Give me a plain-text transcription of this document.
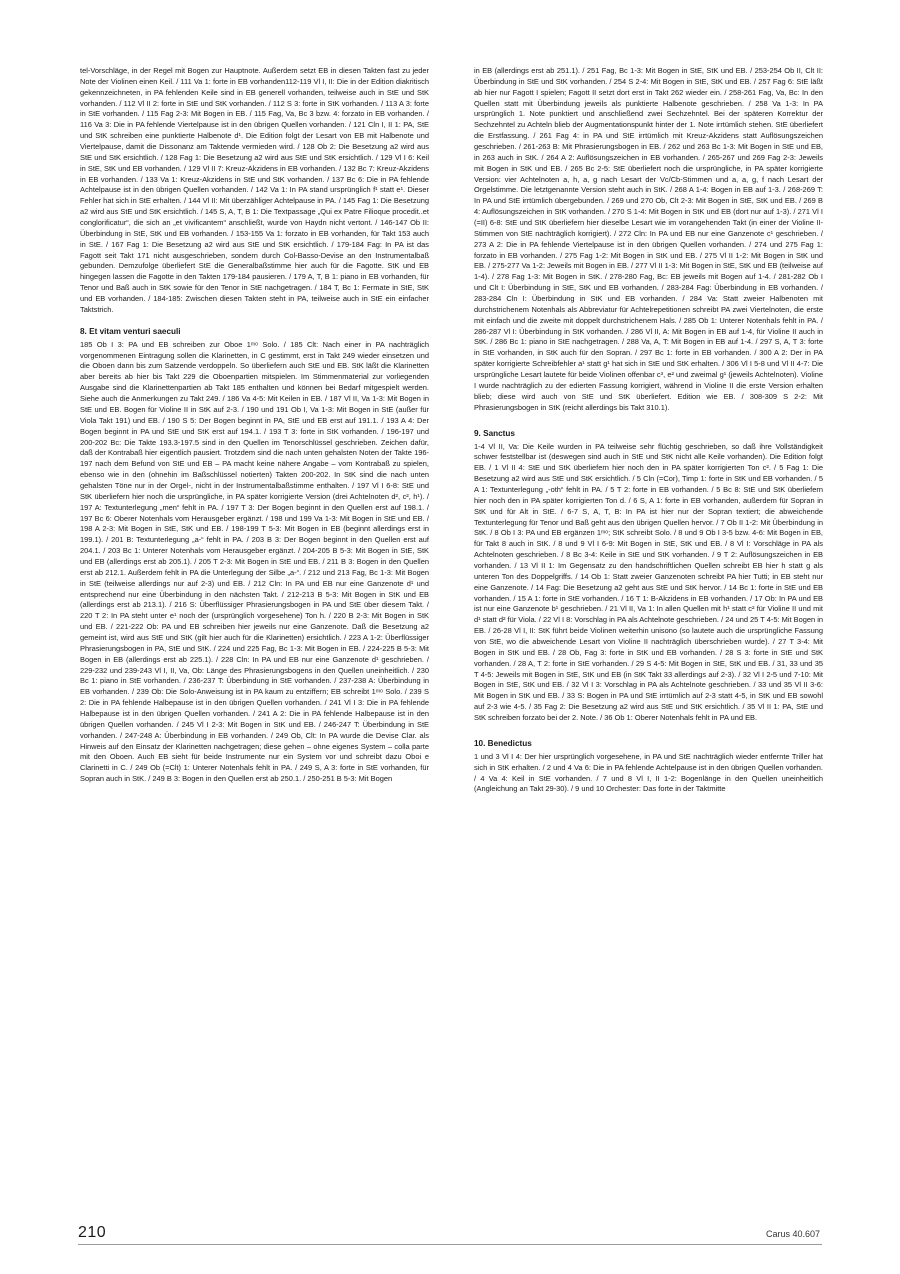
tel-Vorschläge, in der Regel mit Bogen zur Hauptnote. Außerdem setzt EB in diesen Takten fast zu jeder Note der Violinen einen Keil. / 111 Va 1: forte in EB vorhanden112-119 Vl I, II: Die in der Edition diakritisch gekennzeichneten, in PA fehlenden Keile sind in EB generell vorhanden, teilweise auch in StE und StK vorhanden. / 112 Vl II 2: forte in StE und StK vorhanden. / 112 S 3: forte in StK vorhanden. / 113 A 3: forte in StE vorhanden. / 115 Fag 2-3: Mit Bogen in EB. / 115 Fag, Va, Bc 3 bzw. 4: forzato in EB vorhanden. / 116 Va 3: Die in PA fehlende Viertelpause ist in den übrigen Quellen vorhanden. / 121 Cln I, II 1: PA, StE und StK schreiben eine punktierte Halbenote d¹. Die Edition folgt der Lesart von EB mit Halbenote und Viertelpause, damit die Dissonanz am Taktende vermieden wird. / 128 Ob 2: Die Besetzung a2 wird aus StE und StK ersichtlich. / 128 Fag 1: Die Besetzung a2 wird aus StE und StK ersichtlich. / 129 Vl I 6: Keil in StE, StK und EB vorhanden. / 129 Vl II 7: Kreuz-Akzidens in EB vorhanden. / 132 Bc 7: Kreuz-Akzidens in EB vorhanden. / 133 Va 1: Kreuz-Akzidens in StE und StK vorhanden. / 137 Bc 6: Die in PA fehlende Achtelpause ist in den übrigen Quellen vorhanden. / 142 Va 1: In PA stand ursprünglich f¹ statt e¹. Dieser Fehler hat sich in StE erhalten. / 144 Vl II: Mit überzähliger Achtelpause in PA. / 145 Fag 1: Die Besetzung a2 wird aus StE und StK ersichtlich. / 145 S, A, T, B 1: Die Textpassage „Qui ex Patre Filioque procedit..et conglorificatur“, die sich an „et vivificantem“ anschließt, wurde von Haydn nicht vertont. / 146-147 Ob II: Überbindung in StE, StK und EB vorhanden. / 153-155 Va 1: forzato in EB vorhanden, für Takt 153 auch in StE. / 167 Fag 1: Die Besetzung a2 wird aus StE und StK ersichtlich. / 179-184 Fag: In PA ist das Fagott seit Takt 171 nicht ausgeschrieben, sondern durch Col-Basso-Devise an den Instrumentalbaß gebunden. Demzufolge überliefert StE die Generalbaßstimme hier auch für die Fagotte. StK und EB hingegen lassen die Fagotte in den Takten 179-184 pausieren. / 179 A, T, B 1: piano in EB vorhanden, für Tenor und Baß auch in StK sowie für den Tenor in StE nachgetragen. / 184 T, Bc 1: Fermate in StE, StK und EB vorhanden. / 184-185: Zwischen diesen Takten steht in PA, teilweise auch in StE ein einfacher Taktstrich.

8. Et vitam venturi saeculi

185 Ob I 3: PA und EB schreiben zur Oboe 1ᵐᵒ Solo. / 185 Clt: Nach einer in PA nachträglich vorgenommenen Eintragung sollen die Klarinetten, in C gestimmt, erst in Takt 249 wieder einsetzen und die Oboen dann bis zum Satzende verdoppeln. So überliefern auch StE und EB. StK läßt die Klarinetten aber bereits ab hier bis Takt 229 die Oboenpartien mitspielen. Im Stimmenmaterial zur vorliegenden Ausgabe sind die Klarinettenpartien ab Takt 185 enthalten und können bei Bedarf mitgespielt werden. Siehe auch die Anmerkungen zu Takt 249. / 186 Va 4-5: Mit Keilen in EB. / 187 Vl II, Va 1-3: Mit Bogen in StE und EB. Bogen für Violine II in StK auf 2-3. / 190 und 191 Ob I, Va 1-3: Mit Bogen in StE (außer für Viola Takt 191) und EB. / 190 S 5: Der Bogen beginnt in PA, StE und EB erst auf 191.1. / 193 A 4: Der Bogen beginnt in PA und StE und StK erst auf 194.1. / 193 T 3: forte in StK vorhanden. / 196-197 und 200-202 Bc: Die Takte 193.3-197.5 sind in den Quellen im Tenorschlüssel geschrieben. Zeichen dafür, daß der Kontrabaß hier eigentlich pausiert. Trotzdem sind die nach unten gehalsten Noten der Takte 196-197 nach dem Befund von StE und EB – PA macht keine nähere Angabe – vom Kontrabaß zu spielen, ebenso wie in den (ohnehin im Baßschlüssel notierten) Takten 200-202. In StK sind die nach unten gehalsten Töne nur in der Orgel-, nicht in der Instrumentalbaßstimme enthalten. / 197 Vl I 6-8: StE und StK überliefern hier noch die ursprüngliche, in PA später korrigierte Version (drei Achtelnoten d², c², h¹). / 197 A: Textunterlegung „men“ fehlt in PA. / 197 T 3: Der Bogen beginnt in den Quellen erst auf 198.1. / 197 Bc 6: Oberer Notenhals vom Herausgeber ergänzt. / 198 und 199 Va 1-3: Mit Bogen in StE und EB. / 198 A 2-3: Mit Bogen in StE, StK und EB. / 198-199 T 5-3: Mit Bogen in EB (beginnt allerdings erst in 199.1). / 201 B: Textunterlegung „a-“ fehlt in PA. / 203 B 3: Der Bogen beginnt in den Quellen erst auf 204.1. / 203 Bc 1: Unterer Notenhals vom Herausgeber ergänzt. / 204-205 B 5-3: Mit Bogen in StE, StK und EB (allerdings erst ab 205.1). / 205 T 2-3: Mit Bogen in StE und EB. / 211 B 3: Bogen in den Quellen erst ab 212.1. Außerdem fehlt in PA die Unterlegung der Silbe „a-“. / 212 und 213 Fag, Bc 1-3: Mit Bogen in StE (teilweise allerdings nur auf 2-3) und EB. / 212 Cln: In PA und EB nur eine Ganzenote d¹ und entsprechend nur eine Überbindung in den nächsten Takt. / 212-213 B 5-3: Mit Bogen in StK und EB (allerdings erst ab 213.1). / 216 S: Überflüssiger Phrasierungsbogen in PA und StE über diesem Takt. / 220 T 2: In PA steht unter e¹ noch der (ursprünglich vorgesehene) Ton h. / 220 B 2-3: Mit Bogen in StK und EB. / 221-222 Ob: PA und EB schreiben hier jeweils nur eine Ganzenote. Daß die Besetzung a2 gemeint ist, wird aus StE und StK (gilt hier auch für die Klarinetten) ersichtlich. / 223 A 1-2: Überflüssiger Phrasierungsbogen in PA, StE und StK. / 224 und 225 Fag, Bc 1-3: Mit Bogen in EB. / 224-225 B 5-3: Mit Bogen in EB (allerdings erst ab 225.1). / 228 Cln: In PA und EB nur eine Ganzenote d¹ geschrieben. / 229-232 und 239-243 Vl I, II, Va, Ob: Länge des Phrasierungsbogens in den Quellen uneinheitlich. / 230 Bc 1: piano in StE vorhanden. / 236-237 T: Überbindung in StE vorhanden. / 237-238 A: Überbindung in EB vorhanden. / 239 Ob: Die Solo-Anweisung ist in PA kaum zu entziffern; EB schreibt 1ᵐᵒ Solo. / 239 S 2: Die in PA fehlende Halbepause ist in den übrigen Quellen vorhanden. / 241 Vl I 3: Die in PA fehlende Halbepause ist in den übrigen Quellen vorhanden. / 241 A 2: Die in PA fehlende Halbepause ist in den übrigen Quellen vorhanden. / 245 Vl I 2-3: Mit Bogen in StK und EB. / 246-247 T: Überbindung in StE vorhanden. / 247-248 A: Überbindung in EB vorhanden. / 249 Ob, Clt: In PA wurde die Devise Clar. als Hinweis auf den Einsatz der Klarinetten nachgetragen; diese gehen – ohne eigenes System – colla parte mit den Oboen. Auch EB sieht für beide Instrumente nur ein System vor und schreibt dazu Oboi e Clarinetti in C. / 249 Ob (=Clt) 1: Unterer Notenhals fehlt in PA. / 249 S, A 3: forte in StE vorhanden, für Sopran auch in StK. / 249 B 3: Bogen in den Quellen erst ab 250.1. / 250-251 B 5-3: Mit Bogen

in EB (allerdings erst ab 251.1). / 251 Fag, Bc 1-3: Mit Bogen in StE, StK und EB. / 253-254 Ob II, Clt II: Überbindung in StE und StK vorhanden. / 254 S 2-4: Mit Bogen in StE, StK und EB. / 257 Fag 6: StE läßt ab hier nur Fagott I spielen; Fagott II setzt dort erst in Takt 262 wieder ein. / 258-261 Fag, Va, Bc: In den Quellen statt mit Überbindung jeweils als punktierte Halbenote geschrieben. / 258 Va 1-3: In PA ursprünglich 1. Note punktiert und anschließend zwei Sechzehntel. Bei der späteren Korrektur der Sechzehntel zu Achteln blieb der Augmentationspunkt hinter der 1. Note irrtümlich stehen. StE überliefert die Erstfassung. / 261 Fag 4: in PA und StE irrtümlich mit Kreuz-Akzidens statt Auflösungszeichen geschrieben. / 261-263 B: Mit Phrasierungsbogen in EB. / 262 und 263 Bc 1-3: Mit Bogen in StE und EB, in 263 auch in StK. / 264 A 2: Auflösungszeichen in EB vorhanden. / 265-267 und 269 Fag 2-3: Jeweils mit Bogen in StK und EB. / 265 Bc 2-5: StE überliefert noch die ursprüngliche, in PA später korrigierte Version: vier Achtelnoten a, h, a, g nach Lesart der Vc/Cb-Stimmen und a, a, g, f nach Lesart der Orgelstimme. Die letztgenannte Version steht auch in StK. / 268 A 1-4: Bogen in EB auf 1-3. / 268-269 T: In PA und StE irrtümlich übergebunden. / 269 und 270 Ob, Clt 2-3: Mit Bogen in StE, StK und EB. / 269 B 4: Auflösungszeichen in StK vorhanden. / 270 S 1-4: Mit Bogen in StK und EB (dort nur auf 1-3). / 271 Vl I (=II) 6-8: StE und StK überliefern hier dieselbe Lesart wie im vorangehenden Takt (in einer der Violine II-Stimmen von StE nachträglich korrigiert). / 272 Cln: In PA und EB nur eine Ganzenote c¹ geschrieben. / 273 A 2: Die in PA fehlende Viertelpause ist in den übrigen Quellen vorhanden. / 274 und 275 Fag 1: forzato in EB vorhanden. / 275 Fag 1-2: Mit Bogen in StK und EB. / 275 Vl II 1-2: Mit Bogen in StK und EB. / 275-277 Va 1-2: Jeweils mit Bogen in EB. / 277 Vl II 1-3: Mit Bogen in StE, StK und EB (teilweise auf 1-4). / 278 Fag 1-3: Mit Bogen in StK. / 278-280 Fag, Bc: EB jeweils mit Bogen auf 1-4. / 281-282 Ob I und Clt I: Überbindung in StE, StK und EB vorhanden. / 283-284 Fag: Überbindung in EB vorhanden. / 283-284 Cln I: Überbindung in StK und EB vorhanden. / 284 Va: Statt zweier Halbenoten mit durchstrichenem Notenhals als Abbreviatur für Achtelrepetitionen schreibt PA zwei Viertelnoten, die erste mit einfach und die zweite mit doppelt durchstrichenem Hals. / 285 Ob 1: Unterer Notenhals fehlt in PA. / 286-287 Vl I: Überbindung in StK vorhanden. / 286 Vl II, A: Mit Bogen in EB auf 1-4, für Violine II auch in StK. / 286 Bc 1: piano in StE nachgetragen. / 288 Va, A, T: Mit Bogen in EB auf 1-4. / 297 S, A, T 3: forte in StE vorhanden, in StK auch für den Sopran. / 297 Bc 1: forte in EB vorhanden. / 300 A 2: Der in PA später korrigierte Schreibfehler a¹ statt g¹ hat sich in StE und StK erhalten. / 306 Vl I 5-8 und Vl II 4-7: Die ursprüngliche Lesart lautete für beide Violinen offenbar c³, e² und zweimal g¹ (jeweils Achtelnoten). Violine I wurde nachträglich zu der edierten Fassung korrigiert, während in Violine II die erste Version erhalten blieb; diese wird auch von StE und StK überliefert. Edition wie EB. / 308-309 S 2-2: Mit Phrasierungsbogen in StK (reicht allerdings bis Takt 310.1).

9. Sanctus

1-4 Vl II, Va: Die Keile wurden in PA teilweise sehr flüchtig geschrieben, so daß ihre Vollständigkeit schwer feststellbar ist (deswegen sind auch in StE und StK nicht alle Keile vorhanden). Die Edition folgt EB. / 1 Vl II 4: StE und StK überliefern hier noch den in PA später korrigierten Ton c². / 5 Fag 1: Die Besetzung a2 wird aus StE und StK ersichtlich. / 5 Cln (=Cor), Timp 1: forte in StK und EB vorhanden. / 5 A 1: Textunterlegung „-oth“ fehlt in PA. / 5 T 2: forte in EB vorhanden. / 5 Bc 8: StE und StK überliefern hier noch den in PA später korrigierten Ton d. / 6 S, A 1: forte in EB vorhanden, außerdem für Sopran in StK und für Alt in StE. / 6-7 S, A, T, B: In PA ist hier nur der Sopran textiert; die abweichende Textunterlegung für Tenor und Baß geht aus den übrigen Quellen hervor. / 7 Ob II 1-2: Mit Überbindung in StK. / 8 Ob I 3: PA und EB ergänzen 1ᵐᵒ; StK schreibt Solo. / 8 und 9 Ob I 3-5 bzw. 4-6: Mit Bogen in EB, für Takt 8 auch in StK. / 8 und 9 Vl I 6-9: Mit Bogen in StE, StK und EB. / 8 Vl I: Vorschläge in PA als Achtelnoten geschrieben. / 8 Bc 3-4: Keile in StE und StK vorhanden. / 9 T 2: Auflösungszeichen in EB vorhanden. / 13 Vl II 1: Im Gegensatz zu den handschriftlichen Quellen schreibt EB hier h statt g als unteren Ton des Doppelgriffs. / 14 Ob 1: Statt zweier Ganzenoten schreibt PA hier Tutti; in EB steht nur eine Ganzenote. / 14 Fag: Die Besetzung a2 geht aus StE und StK hervor. / 14 Bc 1: forte in StE und EB vorhanden. / 15 A 1: forte in StE vorhanden. / 16 T 1: B-Akzidens in EB vorhanden. / 17 Ob: In PA und EB ist nur eine Ganzenote b¹ geschrieben. / 21 Vl II, Va 1: In allen Quellen mit h¹ statt c² für Violine II und mit d¹ statt d² für Viola. / 22 Vl I 8: Vorschlag in PA als Achtelnote geschrieben. / 24 und 25 T 4-5: Mit Bogen in EB. / 26-28 Vl I, II: StK führt beide Violinen weiterhin unisono (so lautete auch die ursprüngliche Fassung von StE, wo die abweichende Lesart von Violine II nachträglich überschrieben wurde). / 27 T 3-4: Mit Bogen in StK und EB. / 28 Ob, Fag 3: forte in StK und EB vorhanden. / 28 S 3: forte in StE und StK vorhanden. / 28 A, T 2: forte in StE vorhanden. / 29 S 4-5: Mit Bogen in StE, StK und EB. / 31, 33 und 35 T 4-5: Jeweils mit Bogen in StE, StK und EB (in StK Takt 33 allerdings auf 2-3). / 32 Vl I 2-5 und 7-10: Mit Bogen in StE, StK und EB. / 32 Vl I 3: Vorschlag in PA als Achtelnote geschrieben. / 33 und 35 Vl II 3-6: Mit Bogen in StK und EB. / 33 S: Bogen in PA und StE irrtümlich auf 2-3 statt 4-5, in StK und EB sowohl auf 2-3 wie 4-5. / 35 Fag 2: Die Besetzung a2 wird aus StE und StK ersichtlich. / 35 Vl II 1: PA, StE und StK schreiben forzato bei der 2. Note. / 36 Ob 1: Oberer Notenhals fehlt in PA und EB.

10. Benedictus

1 und 3 Vl I 4: Der hier ursprünglich vorgesehene, in PA und StE nachträglich wieder entfernte Triller hat sich in StK erhalten. / 2 und 4 Va 6: Die in PA fehlende Achtelpause ist in den übrigen Quellen vorhanden. / 4 Va 4: Keil in StE vorhanden. / 7 und 8 Vl I, II 1-2: Bogenlänge in den Quellen uneinheitlich (Angleichung an Takt 29-30). / 9 und 10 Orchester: Das forte in der Taktmitte

210	Carus 40.607
